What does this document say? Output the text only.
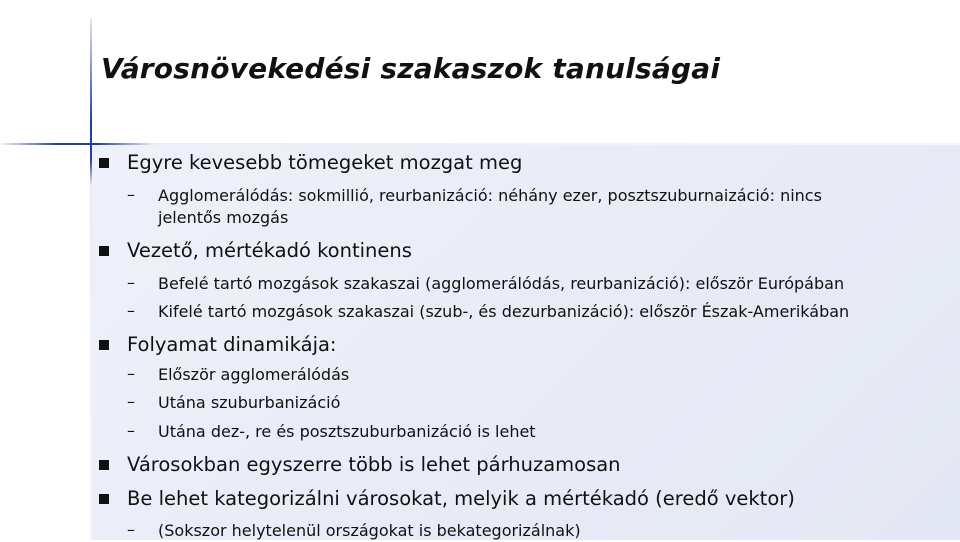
Városnövekedési szakaszok tanulságai
Egyre kevesebb tömegeket mozgat meg
– Agglomerálódás: sokmillió, reurbanizáció: néhány ezer, posztszuburnaizáció: nincs
jelentős mozgás
Vezető, mértékadó kontinens
– Befelé tartó mozgások szakaszai (agglomerálódás, reurbanizáció): először Európában
– Kifelé tartó mozgások szakaszai (szub-, és dezurbanizáció): először Észak-Amerikában
Folyamat dinamikája:
– Először agglomerálódás
– Utána szuburbanizáció
– Utána dez-, re és posztszuburbanizáció is lehet
Városokban egyszerre több is lehet párhuzamosan
Be lehet kategorizálni városokat, melyik a mértékadó (eredő vektor)
– (Sokszor helytelenül országokat is bekategorizálnak)
